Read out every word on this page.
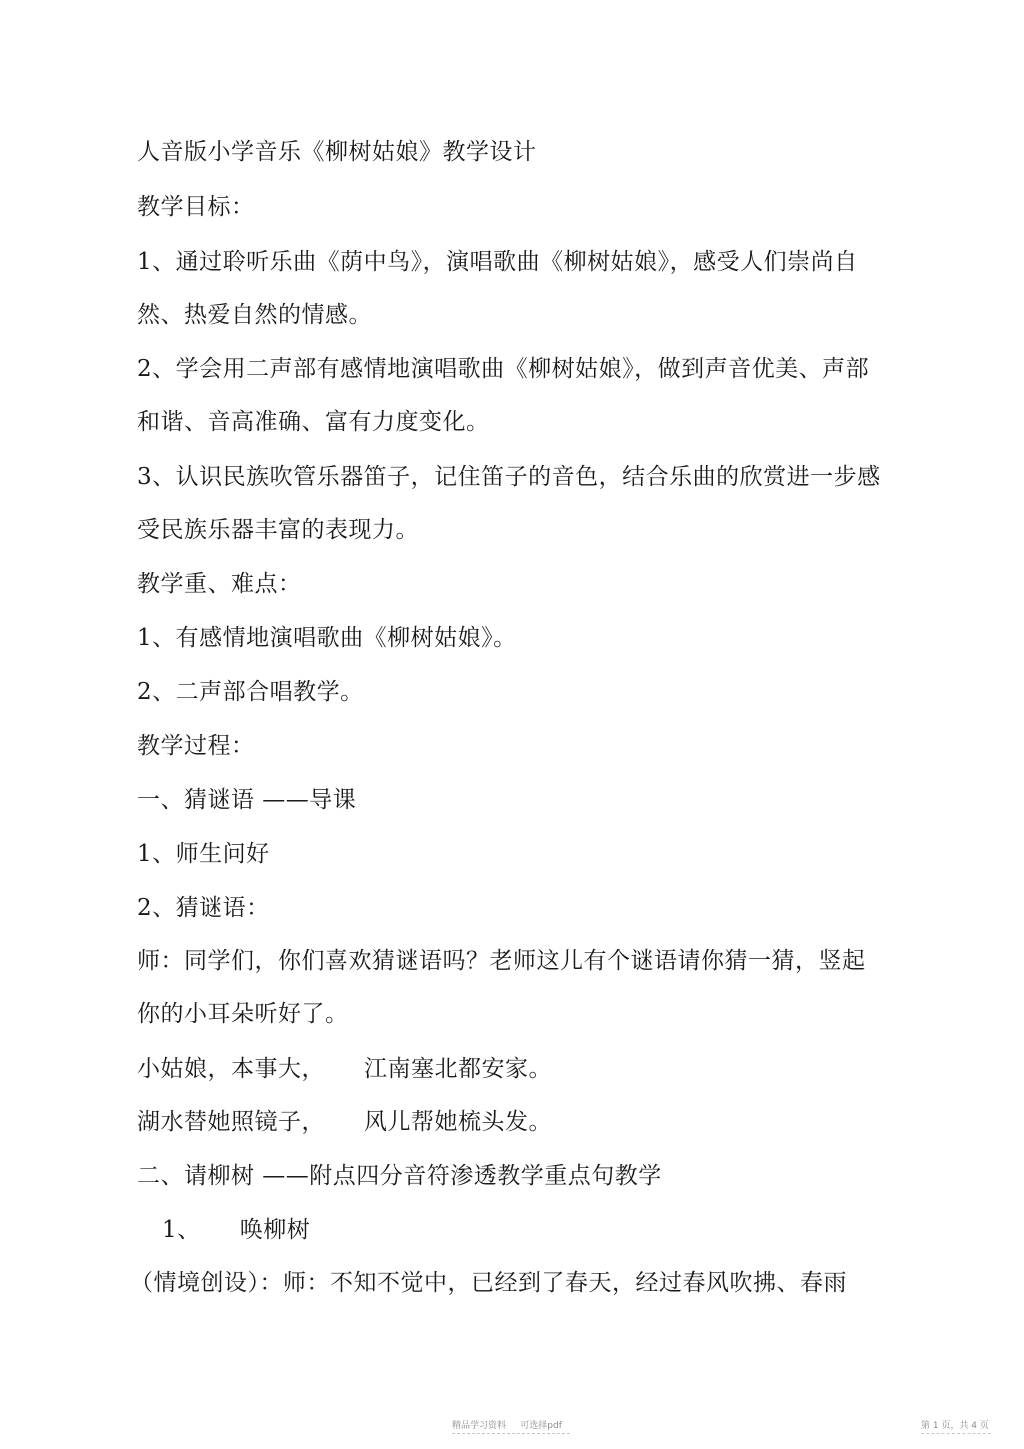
人音版小学音乐《柳树姑娘》教学设计
教学目标：
1、通过聆听乐曲《荫中鸟》，演唱歌曲《柳树姑娘》，感受人们崇尚自
然、热爱自然的情感。
2、学会用二声部有感情地演唱歌曲《柳树姑娘》，做到声音优美、声部
和谐、音高准确、富有力度变化。
3、认识民族吹管乐器笛子，记住笛子的音色，结合乐曲的欣赏进一步感
受民族乐器丰富的表现力。
教学重、难点：
1、有感情地演唱歌曲《柳树姑娘》。
2、二声部合唱教学。
教学过程：
一、猜谜语 ——导课
1、师生问好
2、猜谜语：
师：同学们，你们喜欢猜谜语吗？老师这儿有个谜语请你猜一猜，竖起
你的小耳朵听好了。
小姑娘，本事大，     江南塞北都安家。
湖水替她照镜子，     风儿帮她梳头发。
二、请柳树 ——附点四分音符渗透教学重点句教学
1、     唤柳树
（情境创设）：师：不知不觉中，已经到了春天，经过春风吹拂、春雨
精品学习资料     可选择pdf	第 1 页，共 4 页
